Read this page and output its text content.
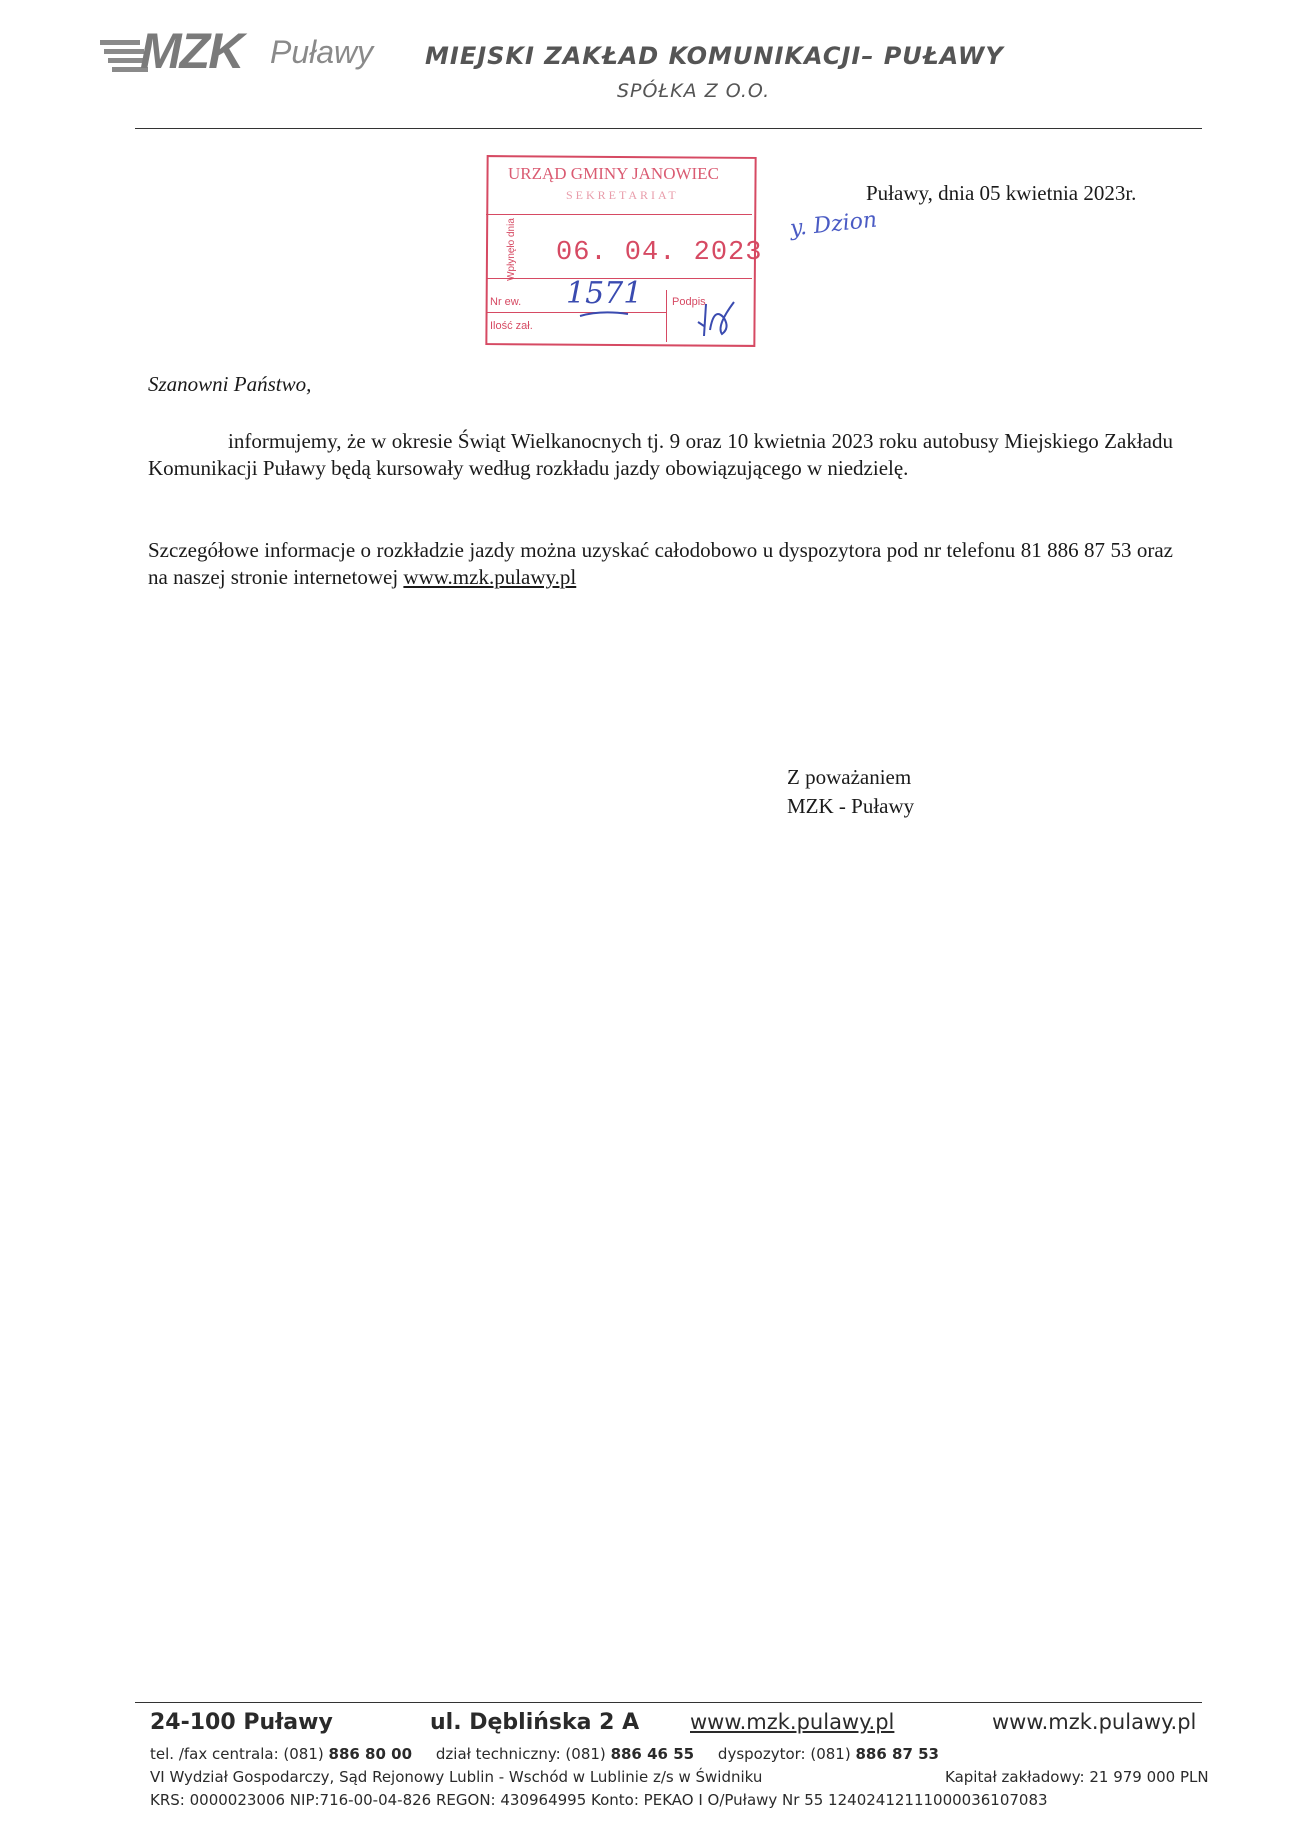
MZK Puławy MIEJSKI ZAKŁAD KOMUNIKACJI– PUŁAWY
SPÓŁKA Z O.O.
URZĄD GMINY JANOWIEC
SEKRETARIAT
Wpłynęło dnia 06. 04. 2023
Nr ew. 1571
Ilość zał.
Podpis
y. Dzion
Puławy, dnia 05 kwietnia 2023r.
Szanowni Państwo,
informujemy, że w okresie Świąt Wielkanocnych tj. 9 oraz 10 kwietnia 2023 roku autobusy Miejskiego Zakładu Komunikacji Puławy będą kursowały według rozkładu jazdy obowiązującego w niedzielę.
Szczegółowe informacje o rozkładzie jazdy można uzyskać całodobowo u dyspozytora pod nr telefonu 81 886 87 53 oraz na naszej stronie internetowej www.mzk.pulawy.pl
Z poważaniem
MZK - Puławy
24-100 Puławy	ul. Dęblińska 2 A www.mzk.pulawy.pl	www.mzk.pulawy.pl
tel. /fax centrala: (081) 886 80 00 dział techniczny: (081) 886 46 55 dyspozytor: (081) 886 87 53
VI Wydział Gospodarczy, Sąd Rejonowy Lublin - Wschód w Lublinie z/s w Świdniku	Kapitał zakładowy: 21 979 000 PLN
KRS: 0000023006 NIP:716-00-04-826 REGON: 430964995 Konto: PEKAO I O/Puławy Nr 55 12402412111000036107083
